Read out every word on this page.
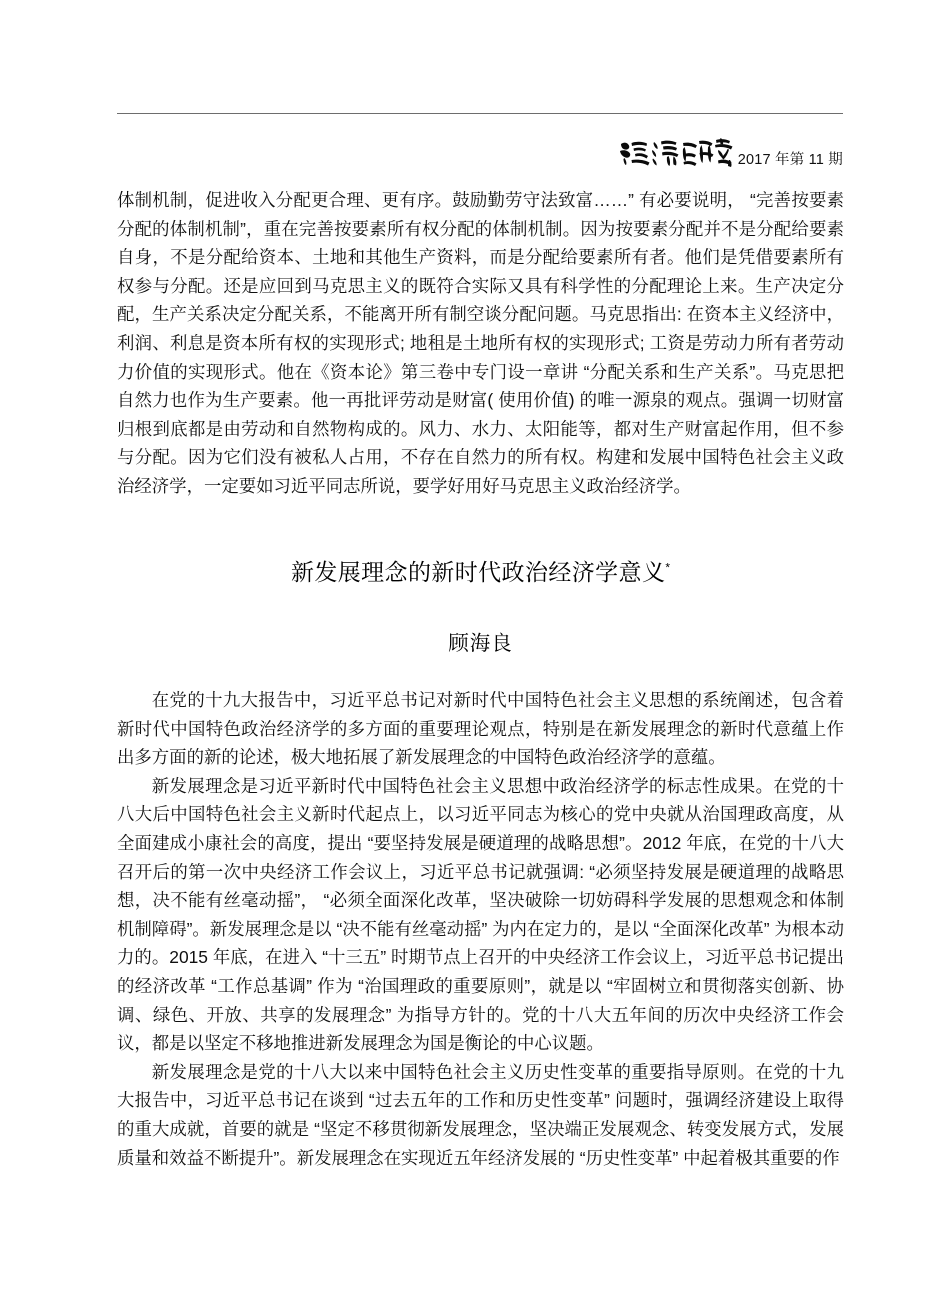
2017 年第 11 期

体制机制，促进收入分配更合理、更有序。鼓励勤劳守法致富……” 有必要说明， “完善按要素分配的体制机制”，重在完善按要素所有权分配的体制机制。因为按要素分配并不是分配给要素自身，不是分配给资本、土地和其他生产资料，而是分配给要素所有者。他们是凭借要素所有权参与分配。还是应回到马克思主义的既符合实际又具有科学性的分配理论上来。生产决定分配，生产关系决定分配关系，不能离开所有制空谈分配问题。马克思指出: 在资本主义经济中，利润、利息是资本所有权的实现形式; 地租是土地所有权的实现形式; 工资是劳动力所有者劳动力价值的实现形式。他在《资本论》第三卷中专门设一章讲 “分配关系和生产关系”。马克思把自然力也作为生产要素。他一再批评劳动是财富( 使用价值) 的唯一源泉的观点。强调一切财富归根到底都是由劳动和自然物构成的。风力、水力、太阳能等，都对生产财富起作用，但不参与分配。因为它们没有被私人占用，不存在自然力的所有权。构建和发展中国特色社会主义政治经济学，一定要如习近平同志所说，要学好用好马克思主义政治经济学。

新发展理念的新时代政治经济学意义*
顾海良

在党的十九大报告中，习近平总书记对新时代中国特色社会主义思想的系统阐述，包含着新时代中国特色政治经济学的多方面的重要理论观点，特别是在新发展理念的新时代意蕴上作出多方面的新的论述，极大地拓展了新发展理念的中国特色政治经济学的意蕴。

新发展理念是习近平新时代中国特色社会主义思想中政治经济学的标志性成果。在党的十八大后中国特色社会主义新时代起点上，以习近平同志为核心的党中央就从治国理政高度，从全面建成小康社会的高度，提出 “要坚持发展是硬道理的战略思想”。2012 年底，在党的十八大召开后的第一次中央经济工作会议上，习近平总书记就强调: “必须坚持发展是硬道理的战略思想，决不能有丝毫动摇”， “必须全面深化改革，坚决破除一切妨碍科学发展的思想观念和体制机制障碍”。新发展理念是以 “决不能有丝毫动摇” 为内在定力的，是以 “全面深化改革” 为根本动力的。2015 年底，在进入 “十三五” 时期节点上召开的中央经济工作会议上，习近平总书记提出的经济改革 “工作总基调” 作为 “治国理政的重要原则”，就是以 “牢固树立和贯彻落实创新、协调、绿色、开放、共享的发展理念” 为指导方针的。党的十八大五年间的历次中央经济工作会议，都是以坚定不移地推进新发展理念为国是衡论的中心议题。

新发展理念是党的十八大以来中国特色社会主义历史性变革的重要指导原则。在党的十九大报告中，习近平总书记在谈到 “过去五年的工作和历史性变革” 问题时，强调经济建设上取得的重大成就，首要的就是 “坚定不移贯彻新发展理念，坚决端正发展观念、转变发展方式，发展质量和效益不断提升”。新发展理念在实现近五年经济发展的 “历史性变革” 中起着极其重要的作
